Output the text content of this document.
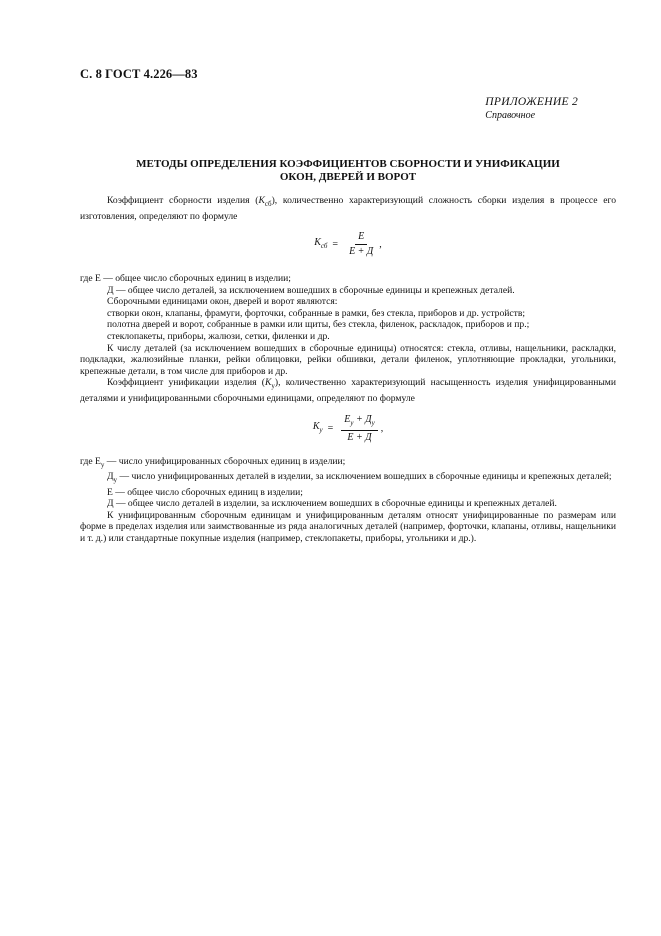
С. 8 ГОСТ 4.226—83
ПРИЛОЖЕНИЕ 2
Справочное
МЕТОДЫ ОПРЕДЕЛЕНИЯ КОЭФФИЦИЕНТОВ СБОРНОСТИ И УНИФИКАЦИИ
ОКОН, ДВЕРЕЙ И ВОРОТ

Коэффициент сборности изделия $(K_{сб})$, количественно характеризующий сложность сборки изделия в процессе его изготовления, определяют по формуле

$K_{сб} = \frac{Е}{Е + Д}$ ,

где Е — общее число сборочных единиц в изделии;

Д — общее число деталей, за исключением вошедших в сборочные единицы и крепежных деталей.

Сборочными единицами окон, дверей и ворот являются:

створки окон, клапаны, фрамуги, форточки, собранные в рамки, без стекла, приборов и др. устройств;

полотна дверей и ворот, собранные в рамки или щиты, без стекла, филенок, раскладок, приборов и пр.;

стеклопакеты, приборы, жалюзи, сетки, филенки и др.

К числу деталей (за исключением вошедших в сборочные единицы) относятся: стекла, отливы, нащельники, раскладки, подкладки, жалюзийные планки, рейки облицовки, рейки обшивки, детали филенок, уплотняющие прокладки, угольники, крепежные детали, в том числе для приборов и др.

Коэффициент унификации изделия $(K_у)$, количественно характеризующий насыщенность изделия унифицированными деталями и унифицированными сборочными единицами, определяют по формуле

$K_у = \frac{Е_у + Д_у}{Е + Д}$ ,

где $Е_у$ — число унифицированных сборочных единиц в изделии;

$Д_у$ — число унифицированных деталей в изделии, за исключением вошедших в сборочные единицы и крепежных деталей;

Е — общее число сборочных единиц в изделии;

Д — общее число деталей в изделии, за исключением вошедших в сборочные единицы и крепежных деталей.

К унифицированным сборочным единицам и унифицированным деталям относят унифицированные по размерам или форме в пределах изделия или заимствованные из ряда аналогичных деталей (например, форточки, клапаны, отливы, нащельники и т. д.) или стандартные покупные изделия (например, стеклопакеты, приборы, угольники и др.).
